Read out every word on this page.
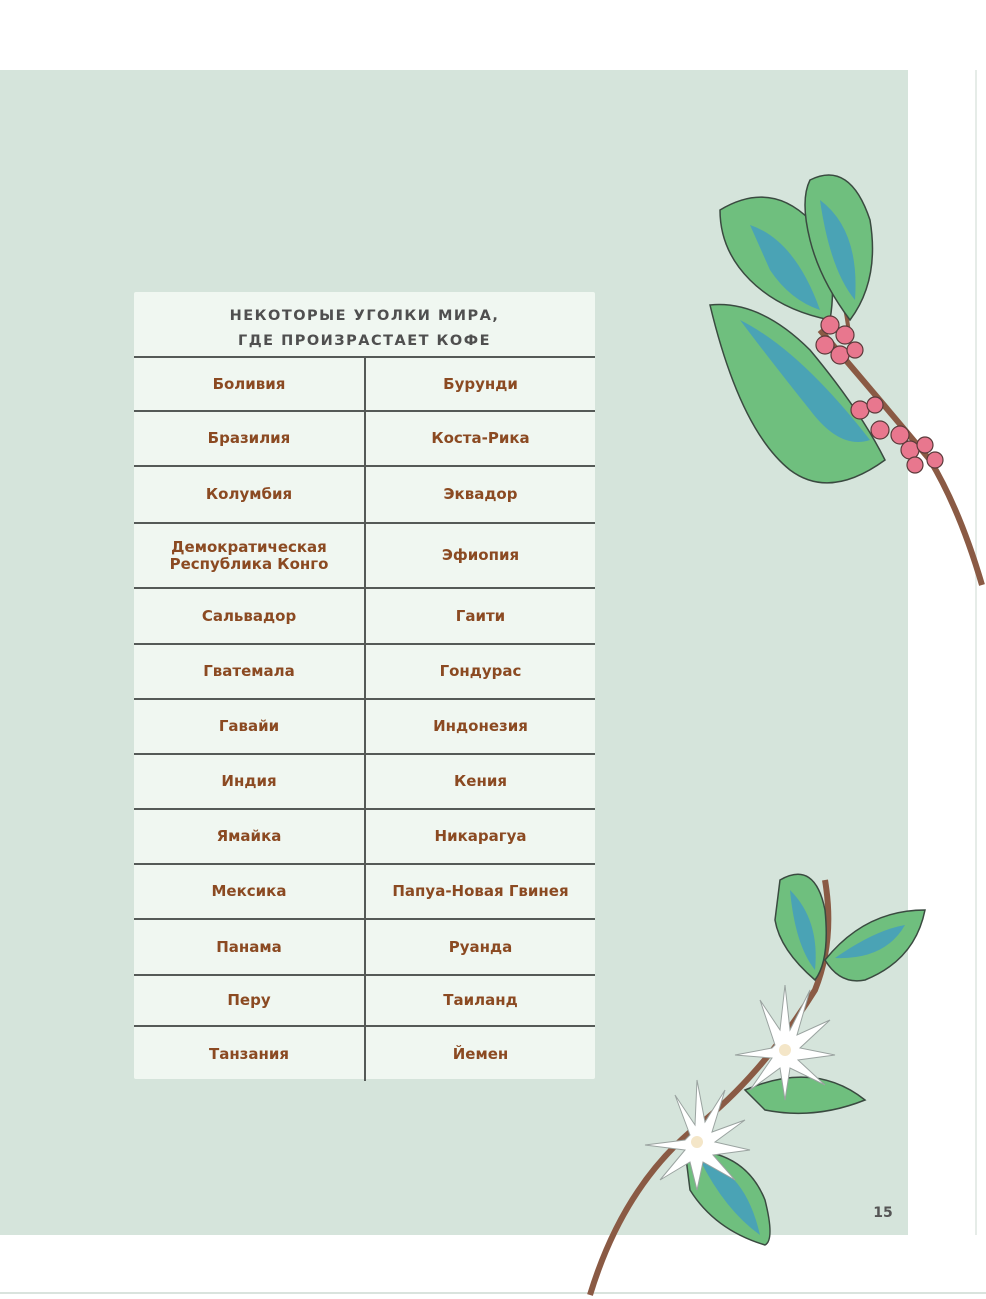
НЕКОТОРЫЕ УГОЛКИ МИРА,
ГДЕ ПРОИЗРАСТАЕТ КОФЕ
Боливия	Бурунди
Бразилия	Коста-Рика
Колумбия	Эквадор
Демократическая Республика Конго	Эфиопия
Сальвадор	Гаити
Гватемала	Гондурас
Гавайи	Индонезия
Индия	Кения
Ямайка	Никарагуа
Мексика	Папуа-Новая Гвинея
Панама	Руанда
Перу	Таиланд
Танзания	Йемен
15
